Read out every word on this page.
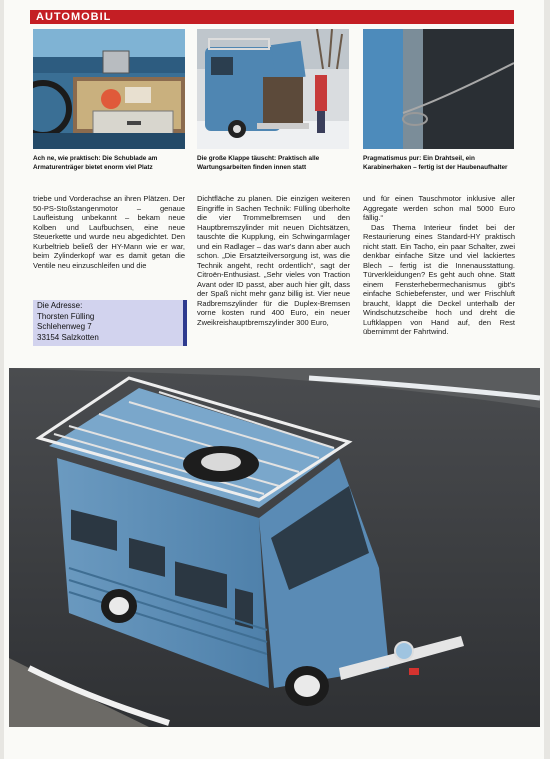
AUTOMOBIL
Ach ne, wie praktisch: Die Schublade am Armaturenträger bietet enorm viel Platz
Die große Klappe täuscht: Praktisch alle Wartungsarbeiten finden innen statt
Pragmatismus pur: Ein Drahtseil, ein Karabinerhaken – fertig ist der Haubenaufhalter

triebe und Vorderachse an ihren Plätzen. Der 50-PS-Stoßstangenmotor – genaue Laufleistung unbekannt – bekam neue Kolben und Laufbuchsen, eine neue Steuerkette und wurde neu abgedichtet. Den Kurbeltrieb beließ der HY-Mann wie er war, beim Zylinderkopf war es damit getan die Ventile neu einzuschleifen und die

Dichtfläche zu planen. Die einzigen weiteren Eingriffe in Sachen Technik: Fülling überholte die vier Trommelbremsen und den Hauptbremszylinder mit neuen Dichtsätzen, tauschte die Kupplung, ein Schwingarmlager und ein Radlager – das war's dann aber auch schon. „Die Ersatzteilversorgung ist, was die Technik angeht, recht ordentlich“, sagt der Citroën-Enthusiast. „Sehr vieles von Traction Avant oder ID passt, aber auch hier gilt, dass der Spaß nicht mehr ganz billig ist. Vier neue Radbremszylinder für die Duplex-Bremsen vorne kosten rund 400 Euro, ein neuer Zweikreishauptbremszylinder 300 Euro,

und für einen Tauschmotor inklusive aller Aggregate werden schon mal 5000 Euro fällig.“

Das Thema Interieur findet bei der Restaurierung eines Standard-HY praktisch nicht statt. Ein Tacho, ein paar Schalter, zwei denkbar einfache Sitze und viel lackiertes Blech – fertig ist die Innenausstattung. Türverkleidungen? Es geht auch ohne. Statt einem Fensterhebermechanismus gibt's einfache Schiebefenster, und wer Frischluft braucht, klappt die Deckel unterhalb der Windschutzscheibe hoch und dreht die Luftklappen von Hand auf, den Rest übernimmt der Fahrtwind.

Die Adresse:
Thorsten Fülling
Schlehenweg 7
33154 Salzkotten
